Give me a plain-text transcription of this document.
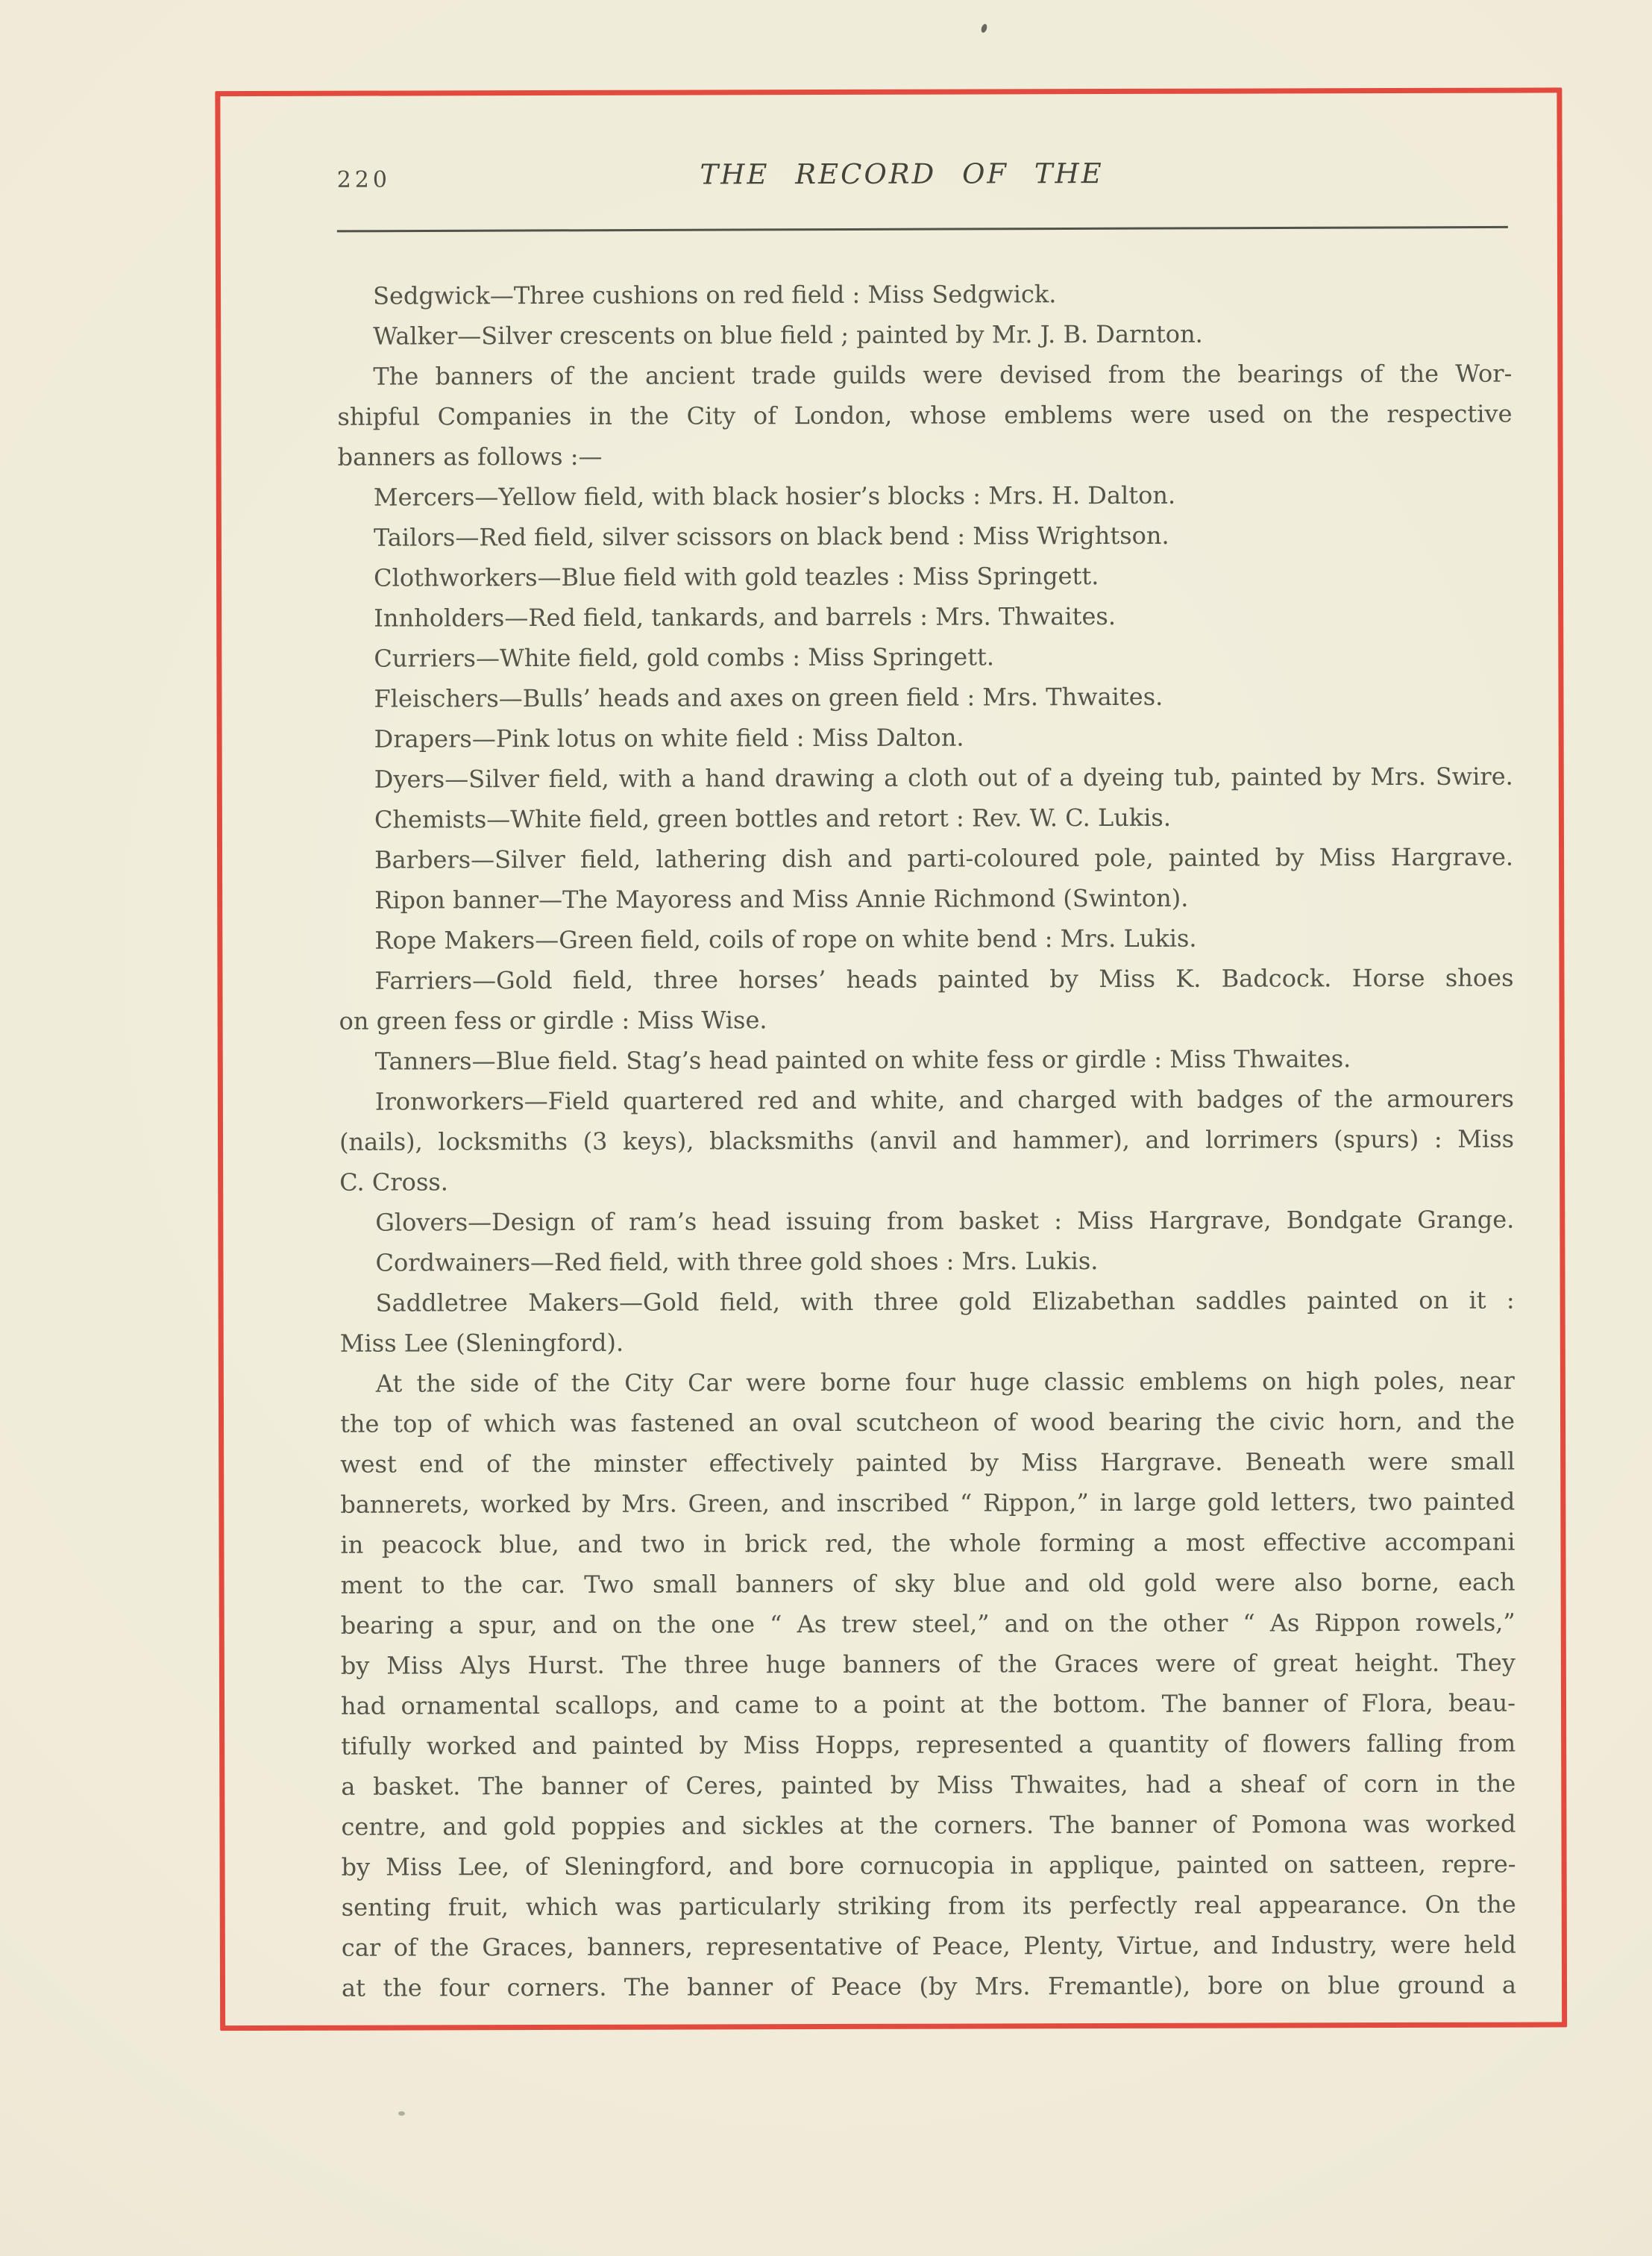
220	THE RECORD OF THE
Sedgwick—Three cushions on red field : Miss Sedgwick.
Walker—Silver crescents on blue field ; painted by Mr. J. B. Darnton.
The banners of the ancient trade guilds were devised from the bearings of the Wor-
shipful Companies in the City of London, whose emblems were used on the respective
banners as follows :—
Mercers—Yellow field, with black hosier’s blocks : Mrs. H. Dalton.
Tailors—Red field, silver scissors on black bend : Miss Wrightson.
Clothworkers—Blue field with gold teazles : Miss Springett.
Innholders—Red field, tankards, and barrels : Mrs. Thwaites.
Curriers—White field, gold combs : Miss Springett.
Fleischers—Bulls’ heads and axes on green field : Mrs. Thwaites.
Drapers—Pink lotus on white field : Miss Dalton.
Dyers—Silver field, with a hand drawing a cloth out of a dyeing tub, painted by Mrs. Swire.
Chemists—White field, green bottles and retort : Rev. W. C. Lukis.
Barbers—Silver field, lathering dish and parti-coloured pole, painted by Miss Hargrave.
Ripon banner—The Mayoress and Miss Annie Richmond (Swinton).
Rope Makers—Green field, coils of rope on white bend : Mrs. Lukis.
Farriers—Gold field, three horses’ heads painted by Miss K. Badcock. Horse shoes
on green fess or girdle : Miss Wise.
Tanners—Blue field. Stag’s head painted on white fess or girdle : Miss Thwaites.
Ironworkers—Field quartered red and white, and charged with badges of the armourers
(nails), locksmiths (3 keys), blacksmiths (anvil and hammer), and lorrimers (spurs) : Miss
C. Cross.
Glovers—Design of ram’s head issuing from basket : Miss Hargrave, Bondgate Grange.
Cordwainers—Red field, with three gold shoes : Mrs. Lukis.
Saddletree Makers—Gold field, with three gold Elizabethan saddles painted on it :
Miss Lee (Sleningford).
At the side of the City Car were borne four huge classic emblems on high poles, near
the top of which was fastened an oval scutcheon of wood bearing the civic horn, and the
west end of the minster effectively painted by Miss Hargrave. Beneath were small
bannerets, worked by Mrs. Green, and inscribed “ Rippon,” in large gold letters, two painted
in peacock blue, and two in brick red, the whole forming a most effective accompani
ment to the car. Two small banners of sky blue and old gold were also borne, each
bearing a spur, and on the one “ As trew steel,” and on the other “ As Rippon rowels,”
by Miss Alys Hurst. The three huge banners of the Graces were of great height. They
had ornamental scallops, and came to a point at the bottom. The banner of Flora, beau-
tifully worked and painted by Miss Hopps, represented a quantity of flowers falling from
a basket. The banner of Ceres, painted by Miss Thwaites, had a sheaf of corn in the
centre, and gold poppies and sickles at the corners. The banner of Pomona was worked
by Miss Lee, of Sleningford, and bore cornucopia in applique, painted on satteen, repre-
senting fruit, which was particularly striking from its perfectly real appearance. On the
car of the Graces, banners, representative of Peace, Plenty, Virtue, and Industry, were held
at the four corners. The banner of Peace (by Mrs. Fremantle), bore on blue ground a
